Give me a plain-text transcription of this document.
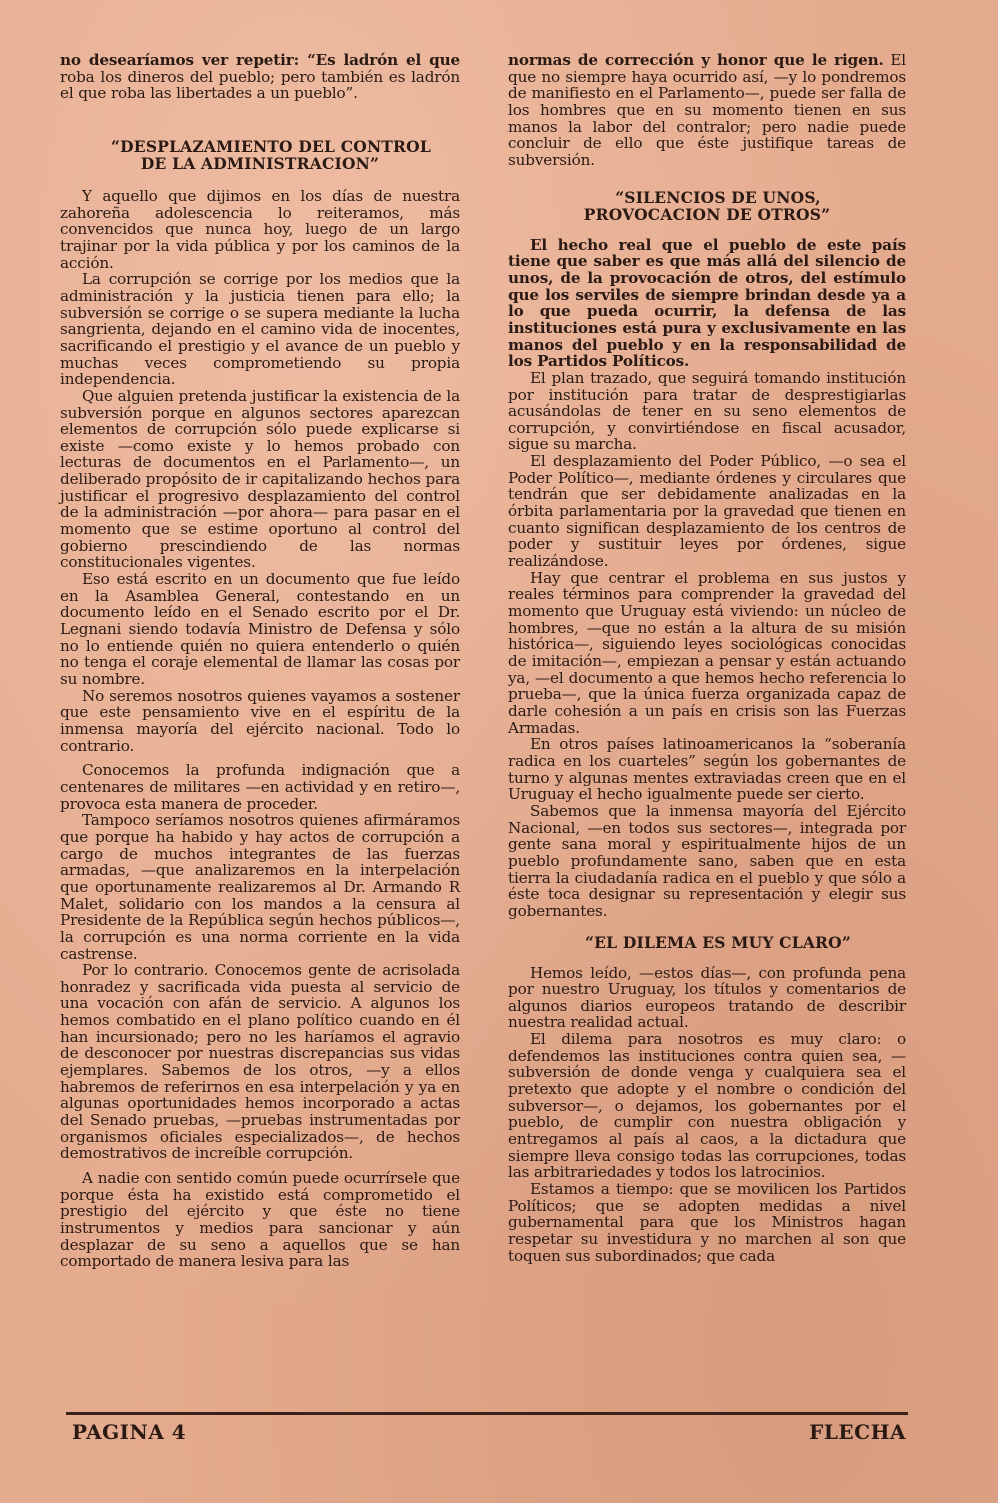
no desearíamos ver repetir: “Es ladrón el que roba los dineros del pueblo; pero también es ladrón el que roba las libertades a un pueblo”.

“DESPLAZAMIENTO DEL CONTROL
DE LA ADMINISTRACION”

Y aquello que dijimos en los días de nuestra zahoreña adolescencia lo reiteramos, más convencidos que nunca hoy, luego de un largo trajinar por la vida pública y por los caminos de la acción.

La corrupción se corrige por los medios que la administración y la justicia tienen para ello; la subversión se corrige o se supera mediante la lucha sangrienta, dejando en el camino vida de inocentes, sacrificando el prestigio y el avance de un pueblo y muchas veces comprometiendo su propia independencia.

Que alguien pretenda justificar la existencia de la subversión porque en algunos sectores aparezcan elementos de corrupción sólo puede explicarse si existe —como existe y lo hemos probado con lecturas de documentos en el Parlamento—, un deliberado propósito de ir capitalizando hechos para justificar el progresivo desplazamiento del control de la administración —por ahora— para pasar en el momento que se estime oportuno al control del gobierno prescindiendo de las normas constitucionales vigentes.

Eso está escrito en un documento que fue leído en la Asamblea General, contestando en un documento leído en el Senado escrito por el Dr. Legnani siendo todavía Ministro de Defensa y sólo no lo entiende quién no quiera entenderlo o quién no tenga el coraje elemental de llamar las cosas por su nombre.

No seremos nosotros quienes vayamos a sostener que este pensamiento vive en el espíritu de la inmensa mayoría del ejército nacional. Todo lo contrario.

Conocemos la profunda indignación que a centenares de militares —en actividad y en retiro—, provoca esta manera de proceder.

Tampoco seríamos nosotros quienes afirmáramos que porque ha habido y hay actos de corrupción a cargo de muchos integrantes de las fuerzas armadas, —que analizaremos en la interpelación que oportunamente realizaremos al Dr. Armando R Malet, solidario con los mandos a la censura al Presidente de la República según hechos públicos—, la corrupción es una norma corriente en la vida castrense.

Por lo contrario. Conocemos gente de acrisolada honradez y sacrificada vida puesta al servicio de una vocación con afán de servicio. A algunos los hemos combatido en el plano político cuando en él han incursionado; pero no les haríamos el agravio de desconocer por nuestras discrepancias sus vidas ejemplares. Sabemos de los otros, —y a ellos habremos de referirnos en esa interpelación y ya en algunas oportunidades hemos incorporado a actas del Senado pruebas, —pruebas instrumentadas por organismos oficiales especializados—, de hechos demostrativos de increíble corrupción.

A nadie con sentido común puede ocurrírsele que porque ésta ha existido está comprometido el prestigio del ejército y que éste no tiene instrumentos y medios para sancionar y aún desplazar de su seno a aquellos que se han comportado de manera lesiva para las

normas de corrección y honor que le rigen. El que no siempre haya ocurrido así, —y lo pondremos de manifiesto en el Parlamento—, puede ser falla de los hombres que en su momento tienen en sus manos la labor del contralor; pero nadie puede concluir de ello que éste justifique tareas de subversión.

“SILENCIOS DE UNOS,
PROVOCACION DE OTROS”

El hecho real que el pueblo de este país tiene que saber es que más allá del silencio de unos, de la provocación de otros, del estímulo que los serviles de siempre brindan desde ya a lo que pueda ocurrir, la defensa de las instituciones está pura y exclusivamente en las manos del pueblo y en la responsabilidad de los Partidos Políticos.

El plan trazado, que seguirá tomando institución por institución para tratar de desprestigiarlas acusándolas de tener en su seno elementos de corrupción, y convirtiéndose en fiscal acusador, sigue su marcha.

El desplazamiento del Poder Público, —o sea el Poder Político—, mediante órdenes y circulares que tendrán que ser debidamente analizadas en la órbita parlamentaria por la gravedad que tienen en cuanto significan desplazamiento de los centros de poder y sustituir leyes por órdenes, sigue realizándose.

Hay que centrar el problema en sus justos y reales términos para comprender la gravedad del momento que Uruguay está viviendo: un núcleo de hombres, —que no están a la altura de su misión histórica—, siguiendo leyes sociológicas conocidas de imitación—, empiezan a pensar y están actuando ya, —el documento a que hemos hecho referencia lo prueba—, que la única fuerza organizada capaz de darle cohesión a un país en crisis son las Fuerzas Armadas.

En otros países latinoamericanos la “soberanía radica en los cuarteles” según los gobernantes de turno y algunas mentes extraviadas creen que en el Uruguay el hecho igualmente puede ser cierto.

Sabemos que la inmensa mayoría del Ejército Nacional, —en todos sus sectores—, integrada por gente sana moral y espiritualmente hijos de un pueblo profundamente sano, saben que en esta tierra la ciudadanía radica en el pueblo y que sólo a éste toca designar su representación y elegir sus gobernantes.

“EL DILEMA ES MUY CLARO”

Hemos leído, —estos días—, con profunda pena por nuestro Uruguay, los títulos y comentarios de algunos diarios europeos tratando de describir nuestra realidad actual.

El dilema para nosotros es muy claro: o defendemos las instituciones contra quien sea, —subversión de donde venga y cualquiera sea el pretexto que adopte y el nombre o condición del subversor—, o dejamos, los gobernantes por el pueblo, de cumplir con nuestra obligación y entregamos al país al caos, a la dictadura que siempre lleva consigo todas las corrupciones, todas las arbitrariedades y todos los latrocinios.

Estamos a tiempo: que se movilicen los Partidos Políticos; que se adopten medidas a nivel gubernamental para que los Ministros hagan respetar su investidura y no marchen al son que toquen sus subordinados; que cada

PAGINA 4	FLECHA
